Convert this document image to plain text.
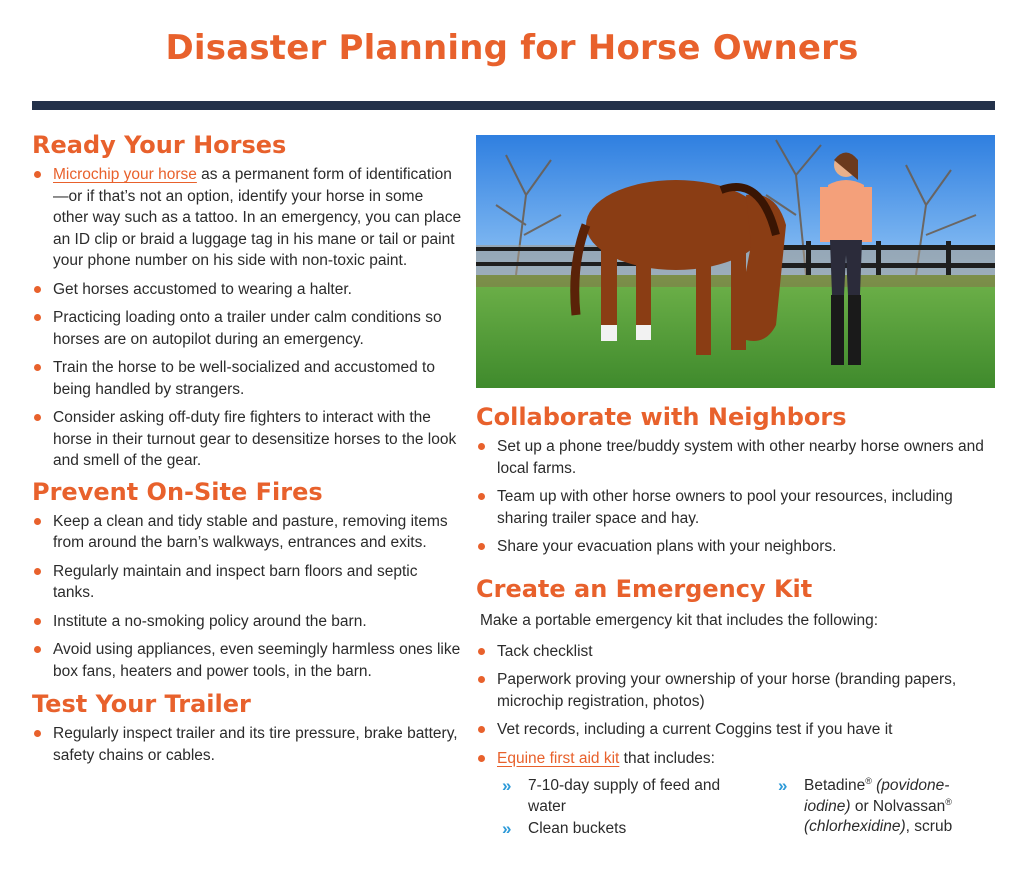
Disaster Planning for Horse Owners
Ready Your Horses
Microchip your horse as a permanent form of identification—or if that’s not an option, identify your horse in some other way such as a tattoo. In an emergency, you can place an ID clip or braid a luggage tag in his mane or tail or paint your phone number on his side with non-toxic paint.
Get horses accustomed to wearing a halter.
Practicing loading onto a trailer under calm conditions so horses are on autopilot during an emergency.
Train the horse to be well-socialized and accustomed to being handled by strangers.
Consider asking off-duty fire fighters to interact with the horse in their turnout gear to desensitize horses to the look and smell of the gear.
Prevent On-Site Fires
Keep a clean and tidy stable and pasture, removing items from around the barn’s walkways, entrances and exits.
Regularly maintain and inspect barn floors and septic tanks.
Institute a no-smoking policy around the barn.
Avoid using appliances, even seemingly harmless ones like box fans, heaters and power tools, in the barn.
Test Your Trailer
Regularly inspect trailer and its tire pressure, brake battery, safety chains or cables.
Collaborate with Neighbors
Set up a phone tree/buddy system with other nearby horse owners and local farms.
Team up with other horse owners to pool your resources, including sharing trailer space and hay.
Share your evacuation plans with your neighbors.
Create an Emergency Kit
Make a portable emergency kit that includes the following:
Tack checklist
Paperwork proving your ownership of your horse (branding papers, microchip registration, photos)
Vet records, including a current Coggins test if you have it
Equine first aid kit that includes:
» 7-10-day supply of feed and water
» Clean buckets
» Betadine® (povidone-iodine) or Nolvassan® (chlorhexidine), scrub
